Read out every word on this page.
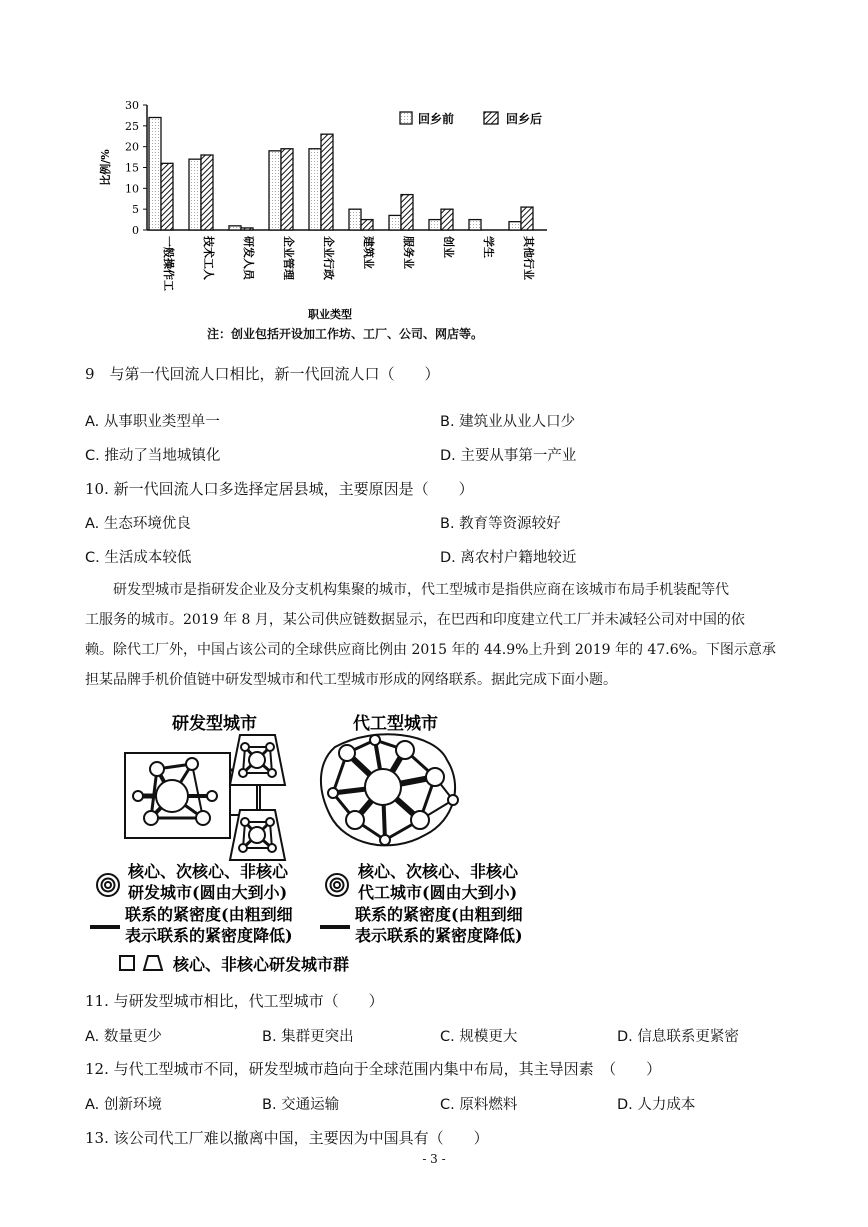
0
5
10
15
20
25
30
比例/%
一般操作工 技术工人 研发人员 企业管理 企业行政 建筑业 服务业 创业 学生 其他行业
职业类型
回乡前	回乡后
注：创业包括开设加工作坊、工厂、公司、网店等。
9　与第一代回流人口相比，新一代回流人口（　　）
A. 从事职业类型单一	B. 建筑业从业人口少
C. 推动了当地城镇化	D. 主要从事第一产业
10. 新一代回流人口多选择定居县城，主要原因是（　　）
A. 生态环境优良	B. 教育等资源较好
C. 生活成本较低	D. 离农村户籍地较近

　　研发型城市是指研发企业及分支机构集聚的城市，代工型城市是指供应商在该城市布局手机装配等代

工服务的城市。2019 年 8 月，某公司供应链数据显示，在巴西和印度建立代工厂并未减轻公司对中国的依

赖。除代工厂外，中国占该公司的全球供应商比例由 2015 年的 44.9%上升到 2019 年的 47.6%。下图示意承

担某品牌手机价值链中研发型城市和代工型城市形成的网络联系。据此完成下面小题。

研发型城市	代工型城市
核心、次核心、非核心
研发城市(圆由大到小)
核心、次核心、非核心
代工城市(圆由大到小)
联系的紧密度(由粗到细
表示联系的紧密度降低)
联系的紧密度(由粗到细
表示联系的紧密度降低)
核心、非核心研发城市群
11. 与研发型城市相比，代工型城市（　　）
A. 数量更少	B. 集群更突出	C. 规模更大	D. 信息联系更紧密
12. 与代工型城市不同，研发型城市趋向于全球范围内集中布局，其主导因素　（　　）
A. 创新环境	B. 交通运输	C. 原料燃料	D. 人力成本
13. 该公司代工厂难以撤离中国，主要因为中国具有（　　）
- 3 -
